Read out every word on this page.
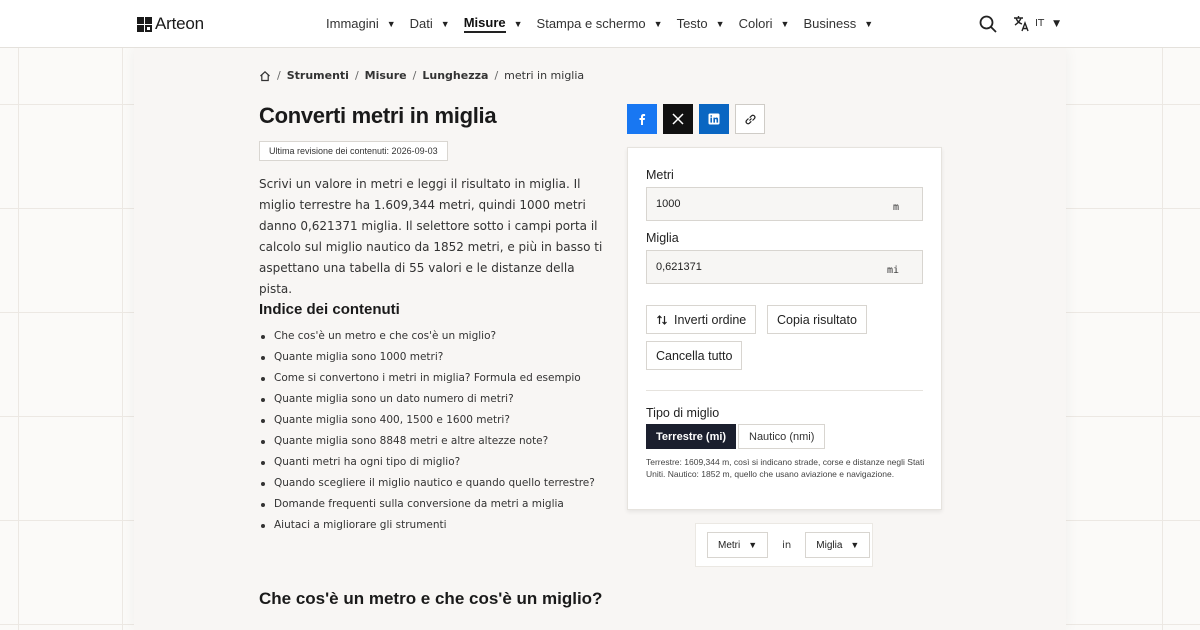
Arteon	Immagini ▼ Dati ▼ Misure ▼ Stampa e schermo ▼ Testo ▼ Colori ▼ Business ▼	IT ▼
/ Strumenti / Misure / Lunghezza / metri in miglia
Converti metri in miglia
Ultima revisione dei contenuti: 2026-09-03

Scrivi un valore in metri e leggi il risultato in miglia. Il miglio terrestre ha 1.609,344 metri, quindi 1000 metri danno 0,621371 miglia. Il selettore sotto i campi porta il calcolo sul miglio nautico da 1852 metri, e più in basso ti aspettano una tabella di 55 valori e le distanze della pista.

Indice dei contenuti
Che cos'è un metro e che cos'è un miglio?
Quante miglia sono 1000 metri?
Come si convertono i metri in miglia? Formula ed esempio
Quante miglia sono un dato numero di metri?
Quante miglia sono 400, 1500 e 1600 metri?
Quante miglia sono 8848 metri e altre altezze note?
Quanti metri ha ogni tipo di miglio?
Quando scegliere il miglio nautico e quando quello terrestre?
Domande frequenti sulla conversione da metri a miglia
Aiutaci a migliorare gli strumenti
Che cos'è un metro e che cos'è un miglio?
Metri
1000	m
Miglia
0,621371	mi
Inverti ordine	Copia risultato
Cancella tutto
Tipo di miglio
Terrestre (mi)	Nautico (nmi)
Terrestre: 1609,344 m, così si indicano strade, corse e distanze negli Stati Uniti. Nautico: 1852 m, quello che usano aviazione e navigazione.
Metri ▼	in	Miglia ▼
